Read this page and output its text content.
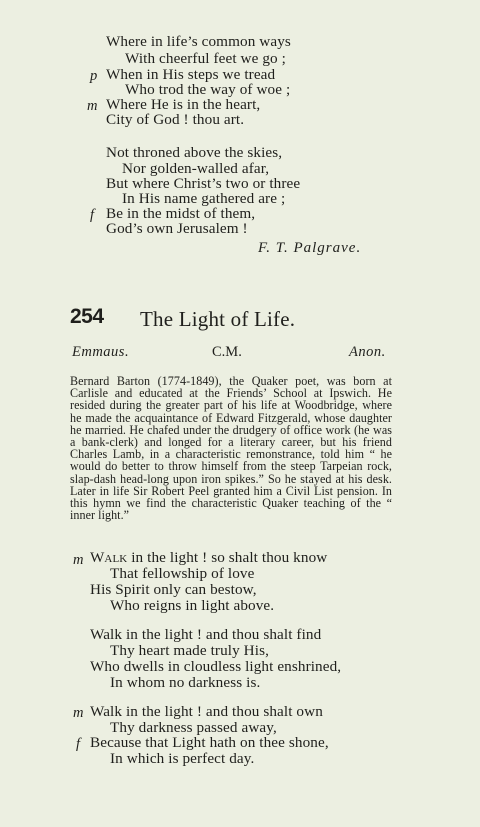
Where in life’s common ways
With cheerful feet we go ;
p When in His steps we tread
Who trod the way of woe ;
m Where He is in the heart,
City of God ! thou art.
Not throned above the skies,
Nor golden-walled afar,
But where Christ’s two or three
In His name gathered are ;
f Be in the midst of them,
God’s own Jerusalem !
F. T. Palgrave.
254 The Light of Life.
Emmaus.	C.M.	Anon.
Bernard Barton (1774-1849), the Quaker poet, was born at Carlisle and educated at the Friends’ School at Ipswich. He resided during the greater part of his life at Woodbridge, where he made the acquaintance of Edward Fitzgerald, whose daughter he married. He chafed under the drudgery of office work (he was a bank-clerk) and longed for a literary career, but his friend Charles Lamb, in a characteristic remonstrance, told him “ he would do better to throw himself from the steep Tarpeian rock, slap-dash head-long upon iron spikes.” So he stayed at his desk. Later in life Sir Robert Peel granted him a Civil List pension. In this hymn we find the characteristic Quaker teaching of the “ inner light.”
m Walk in the light ! so shalt thou know
That fellowship of love
His Spirit only can bestow,
Who reigns in light above.
Walk in the light ! and thou shalt find
Thy heart made truly His,
Who dwells in cloudless light enshrined,
In whom no darkness is.
m Walk in the light ! and thou shalt own
Thy darkness passed away,
f Because that Light hath on thee shone,
In which is perfect day.
